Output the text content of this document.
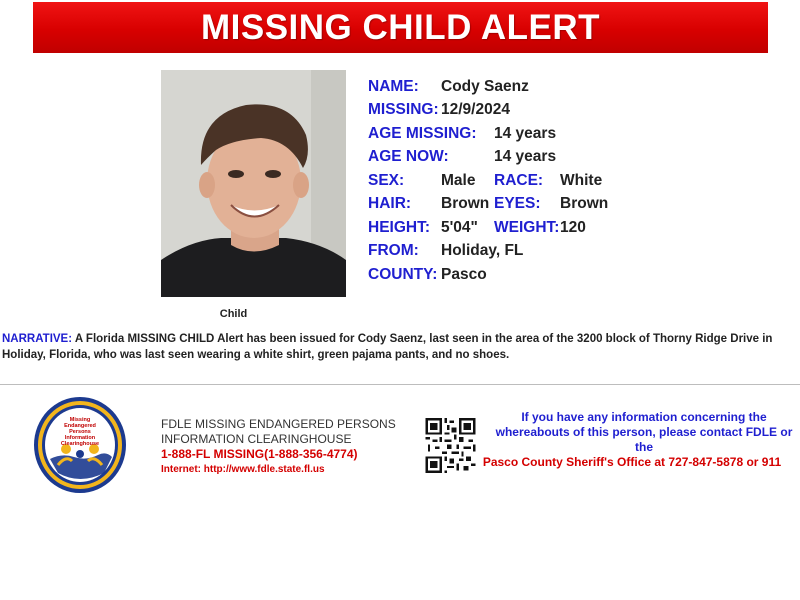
MISSING CHILD ALERT
Child
NAME: Cody Saenz
MISSING: 12/9/2024
AGE MISSING: 14 years
AGE NOW:	14 years
SEX: Male RACE: White
HAIR: Brown EYES: Brown
HEIGHT: 5'04" WEIGHT: 120
FROM: Holiday, FL
COUNTY: Pasco
NARRATIVE: A Florida MISSING CHILD Alert has been issued for Cody Saenz, last seen in the area of the 3200 block of Thorny Ridge Drive in Holiday, Florida, who was last seen wearing a white shirt, green pajama pants, and no shoes.
Missing
Endangered
Persons
Information
Clearinghouse
FDLE MISSING ENDANGERED PERSONS
INFORMATION CLEARINGHOUSE
1-888-FL MISSING(1-888-356-4774)
Internet: http://www.fdle.state.fl.us
If you have any information concerning the
whereabouts of this person, please contact FDLE or
the
Pasco County Sheriff's Office at 727-847-5878 or 911
